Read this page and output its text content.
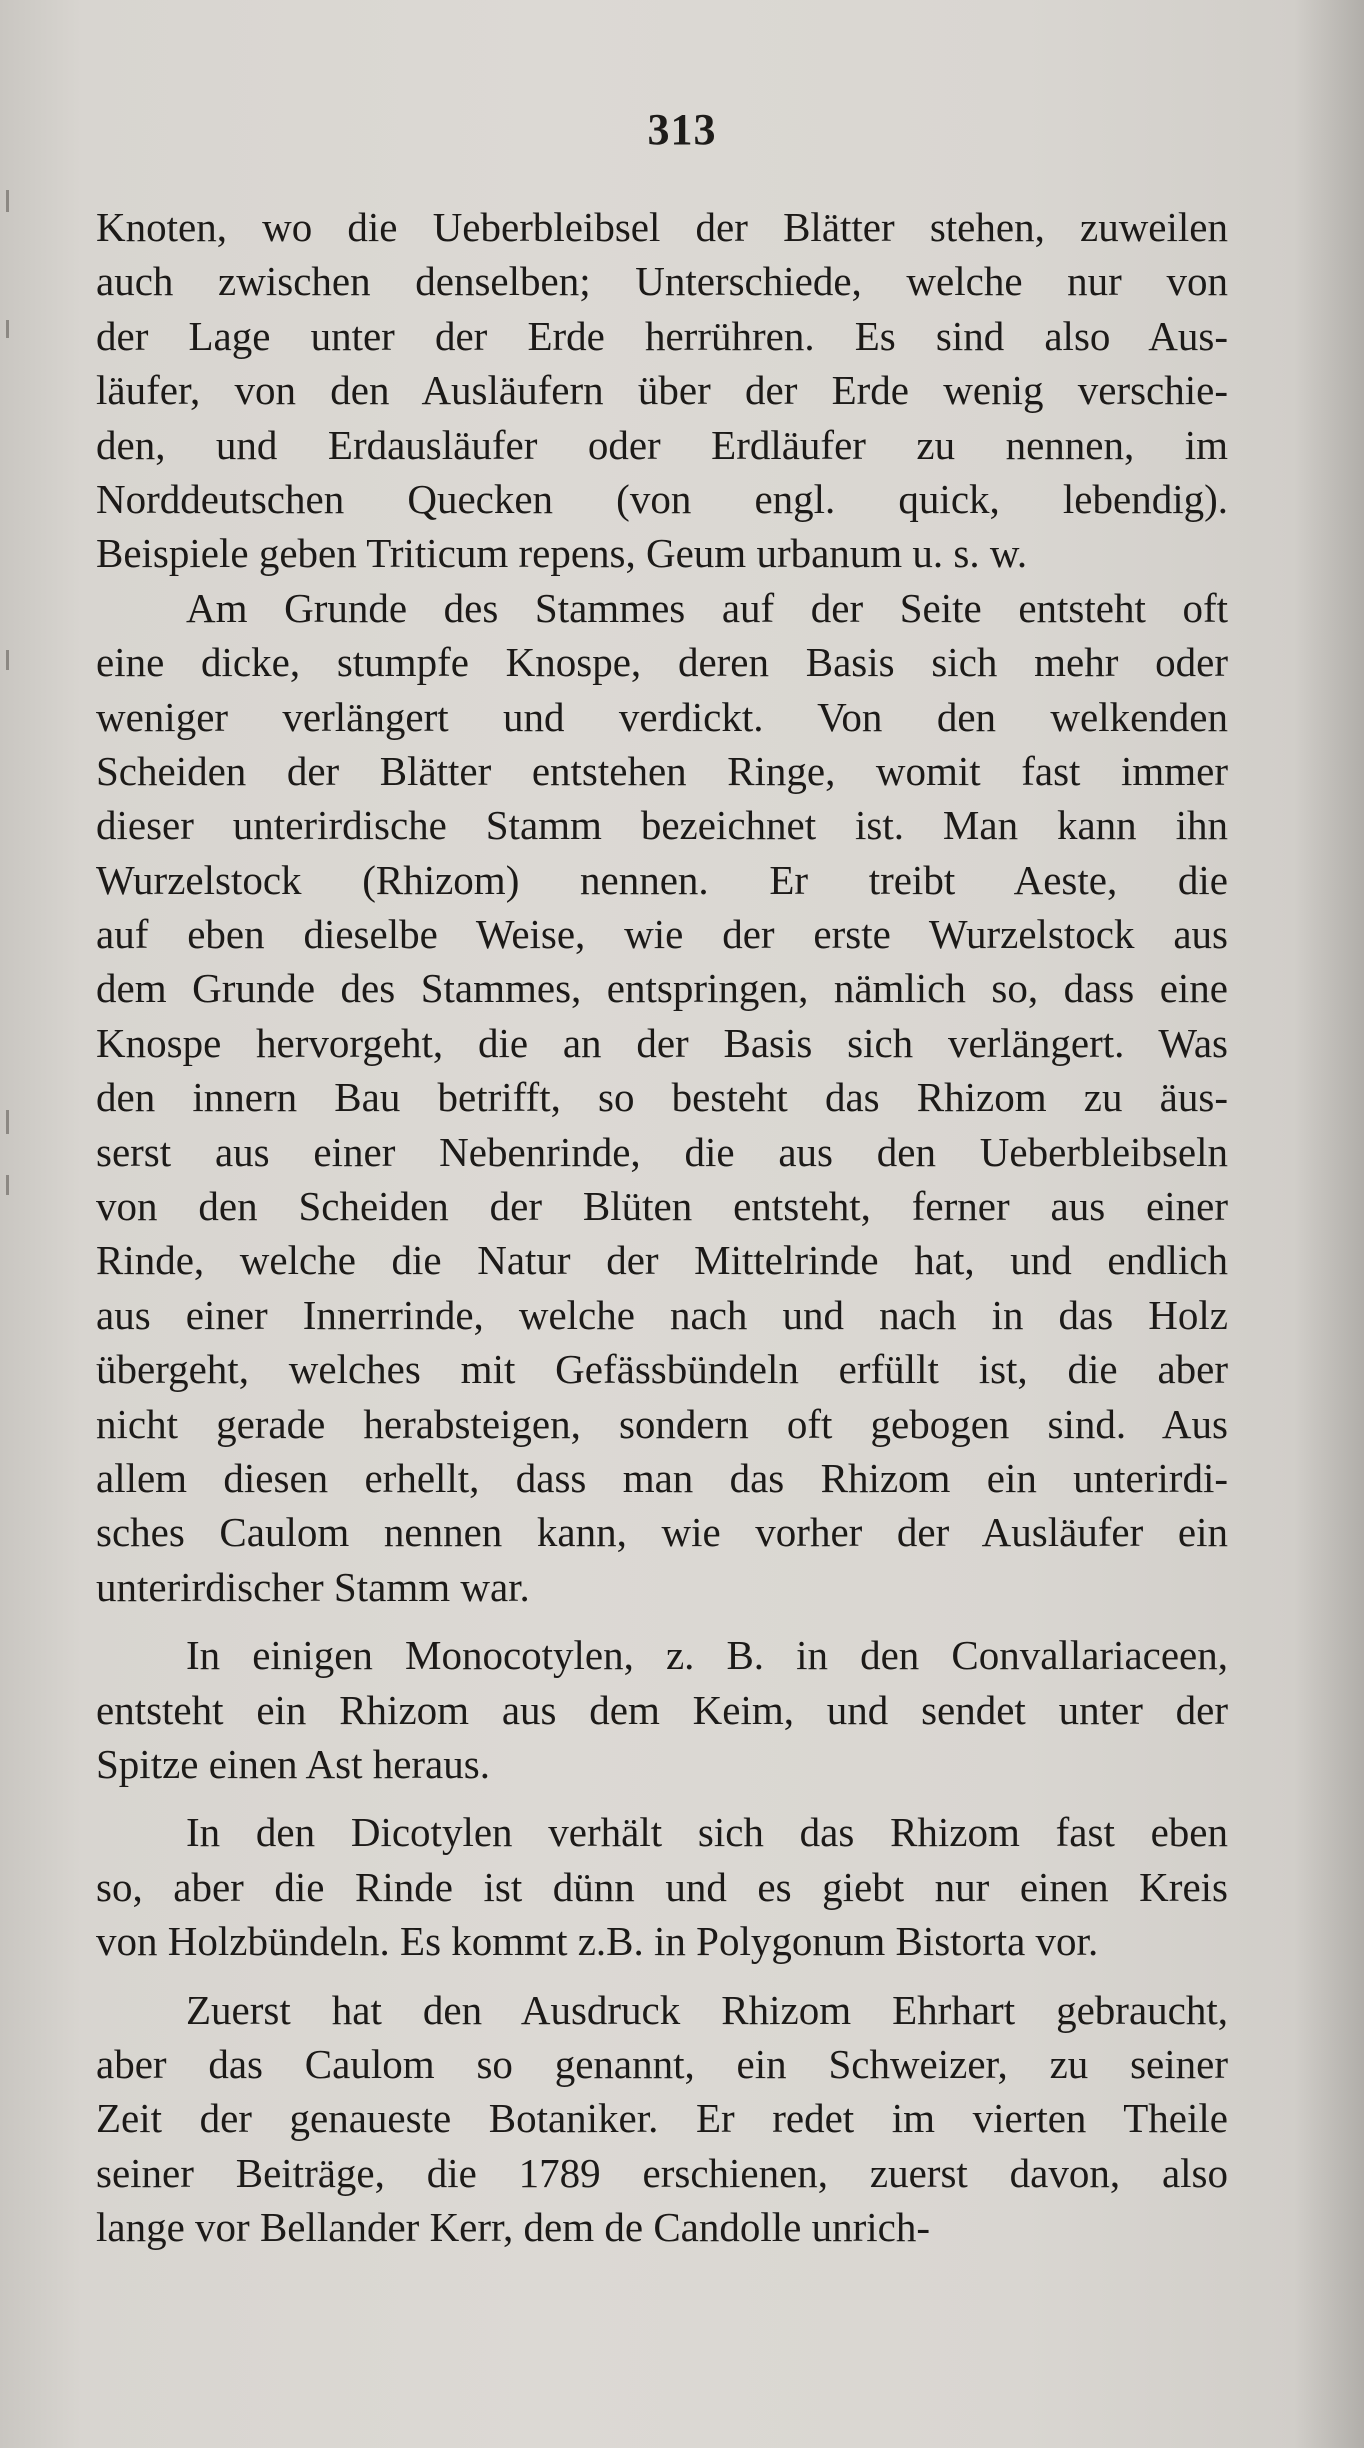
313
Knoten, wo die Ueberbleibsel der Blätter stehen, zuweilen
auch zwischen denselben; Unterschiede, welche nur von
der Lage unter der Erde herrühren. Es sind also Aus-
läufer, von den Ausläufern über der Erde wenig verschie-
den, und Erdausläufer oder Erdläufer zu nennen, im
Norddeutschen Quecken (von engl. quick, lebendig).
Beispiele geben Triticum repens, Geum urbanum u. s. w.
Am Grunde des Stammes auf der Seite entsteht oft
eine dicke, stumpfe Knospe, deren Basis sich mehr oder
weniger verlängert und verdickt. Von den welkenden
Scheiden der Blätter entstehen Ringe, womit fast immer
dieser unterirdische Stamm bezeichnet ist. Man kann ihn
Wurzelstock (Rhizom) nennen. Er treibt Aeste, die
auf eben dieselbe Weise, wie der erste Wurzelstock aus
dem Grunde des Stammes, entspringen, nämlich so, dass eine
Knospe hervorgeht, die an der Basis sich verlängert. Was
den innern Bau betrifft, so besteht das Rhizom zu äus-
serst aus einer Nebenrinde, die aus den Ueberbleibseln
von den Scheiden der Blüten entsteht, ferner aus einer
Rinde, welche die Natur der Mittelrinde hat, und endlich
aus einer Innerrinde, welche nach und nach in das Holz
übergeht, welches mit Gefässbündeln erfüllt ist, die aber
nicht gerade herabsteigen, sondern oft gebogen sind. Aus
allem diesen erhellt, dass man das Rhizom ein unterirdi-
sches Caulom nennen kann, wie vorher der Ausläufer ein
unterirdischer Stamm war.
In einigen Monocotylen, z. B. in den Convallariaceen,
entsteht ein Rhizom aus dem Keim, und sendet unter der
Spitze einen Ast heraus.
In den Dicotylen verhält sich das Rhizom fast eben
so, aber die Rinde ist dünn und es giebt nur einen Kreis
von Holzbündeln. Es kommt z.B. in Polygonum Bistorta vor.
Zuerst hat den Ausdruck Rhizom Ehrhart gebraucht,
aber das Caulom so genannt, ein Schweizer, zu seiner
Zeit der genaueste Botaniker. Er redet im vierten Theile
seiner Beiträge, die 1789 erschienen, zuerst davon, also
lange vor Bellander Kerr, dem de Candolle unrich-
